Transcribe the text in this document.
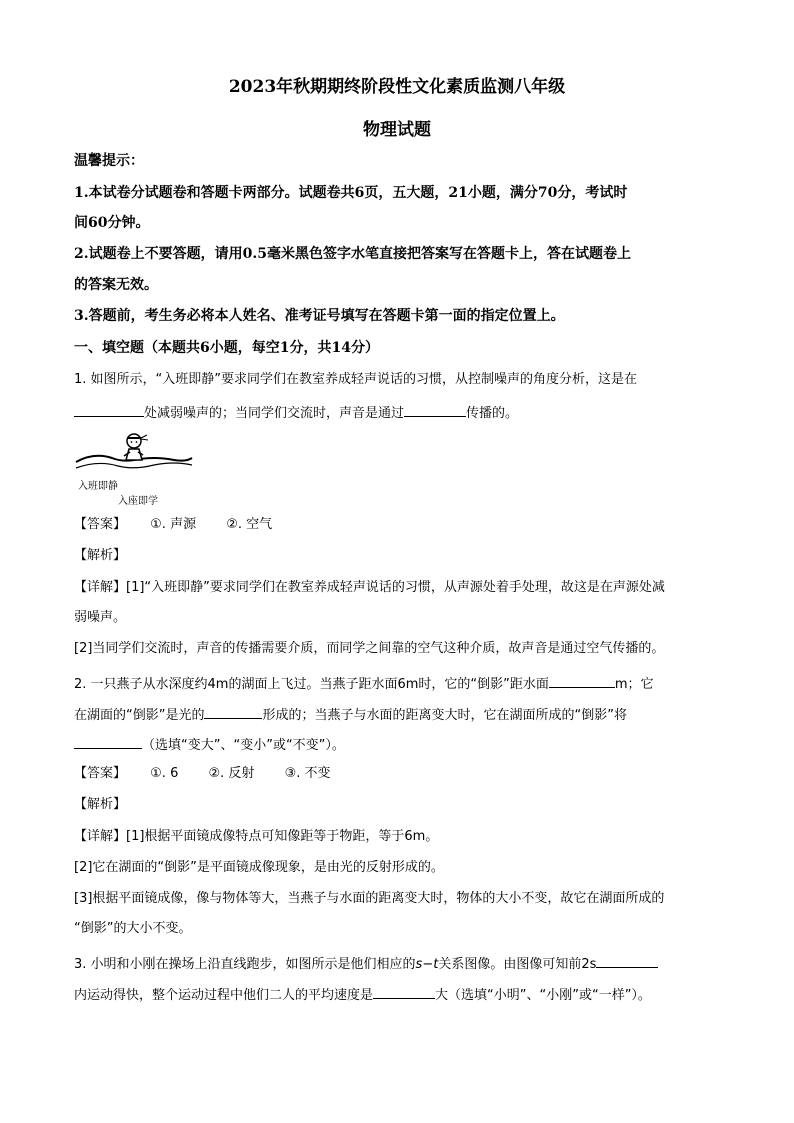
2023年秋期期终阶段性文化素质监测八年级
物理试题
温馨提示：
1.本试卷分试题卷和答题卡两部分。试题卷共6页，五大题，21小题，满分70分，考试时
间60分钟。
2.试题卷上不要答题，请用0.5毫米黑色签字水笔直接把答案写在答题卡上，答在试题卷上
的答案无效。
3.答题前，考生务必将本人姓名、准考证号填写在答题卡第一面的指定位置上。
一、填空题（本题共6小题，每空1分，共14分）
1. 如图所示，“入班即静”要求同学们在教室养成轻声说话的习惯，从控制噪声的角度分析，这是在
处减弱噪声的；当同学们交流时，声音是通过	传播的。
入班即静
入座即学
【答案】 ①. 声源 ②. 空气
【解析】
【详解】[1]“入班即静”要求同学们在教室养成轻声说话的习惯，从声源处着手处理，故这是在声源处减
弱噪声。
[2]当同学们交流时，声音的传播需要介质，而同学之间靠的空气这种介质，故声音是通过空气传播的。
2. 一只燕子从水深度约4m的湖面上飞过。当燕子距水面6m时，它的“倒影”距水面	m；它
在湖面的“倒影”是光的	形成的；当燕子与水面的距离变大时，它在湖面所成的“倒影”将
（选填“变大”、“变小”或“不变”）。
【答案】 ①. 6 ②. 反射 ③. 不变
【解析】
【详解】[1]根据平面镜成像特点可知像距等于物距，等于6m。
[2]它在湖面的“倒影”是平面镜成像现象，是由光的反射形成的。
[3]根据平面镜成像，像与物体等大，当燕子与水面的距离变大时，物体的大小不变，故它在湖面所成的
“倒影”的大小不变。
3. 小明和小刚在操场上沿直线跑步，如图所示是他们相应的s−t关系图像。由图像可知前2s
内运动得快，整个运动过程中他们二人的平均速度是	大（选填“小明”、“小刚”或“一样”）。
